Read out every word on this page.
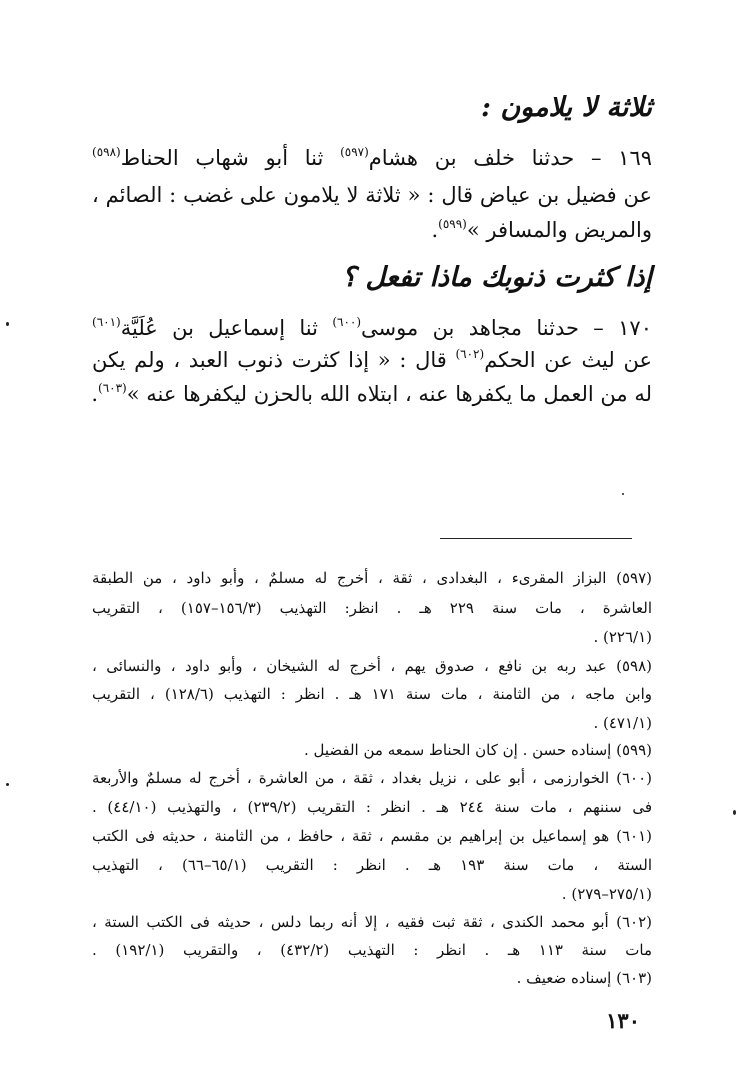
ثلاثة لا يلامون :
١٦٩ – حدثنا خلف بن هشام$^{(٥٩٧)}$ ثنا أبو شهاب الحناط$^{(٥٩٨)}$
عن فضيل بن عياض قال : « ثلاثة لا يلامون على غضب : الصائم ،
والمريض والمسافر »$^{(٥٩٩)}$.
إذا كثرت ذنوبك ماذا تفعل ؟
١٧٠ – حدثنا مجاهد بن موسى$^{(٦٠٠)}$ ثنا إسماعيل بن عُلَيَّة$^{(٦٠١)}$
عن ليث عن الحكم$^{(٦٠٢)}$ قال : « إذا كثرت ذنوب العبد ، ولم يكن
له من العمل ما يكفرها عنه ، ابتلاه الله بالحزن ليكفرها عنه »$^{(٦٠٣)}$.
(٥٩٧) البزاز المقرىء ، البغدادى ، ثقة ، أخرج له مسلمٌ ، وأبو داود ، من الطبقة
العاشرة ، مات سنة ٢٢٩ هـ . انظر: التهذيب (١٥٦/٣–١٥٧) ، التقريب
(٢٢٦/١) .
(٥٩٨) عبد ربه بن نافع ، صدوق يهم ، أخرج له الشيخان ، وأبو داود ، والنسائى ،
وابن ماجه ، من الثامنة ، مات سنة ١٧١ هـ . انظر : التهذيب (١٢٨/٦) ، التقريب
(٤٧١/١) .
(٥٩٩) إسناده حسن . إن كان الحناط سمعه من الفضيل .
(٦٠٠) الخوارزمى ، أبو على ، نزيل بغداد ، ثقة ، من العاشرة ، أخرج له مسلمٌ والأربعة
فى سننهم ، مات سنة ٢٤٤ هـ . انظر : التقريب (٢٣٩/٢) ، والتهذيب (٤٤/١٠) .
(٦٠١) هو إسماعيل بن إبراهيم بن مقسم ، ثقة ، حافظ ، من الثامنة ، حديثه فى الكتب
الستة ، مات سنة ١٩٣ هـ . انظر : التقريب (٦٥/١–٦٦) ، التهذيب
(٢٧٥/١–٢٧٩) .
(٦٠٢) أبو محمد الكندى ، ثقة ثبت فقيه ، إلا أنه ربما دلس ، حديثه فى الكتب الستة ،
مات سنة ١١٣ هـ . انظر : التهذيب (٤٣٢/٢) ، والتقريب (١٩٢/١) .
(٦٠٣) إسناده ضعيف .
١٣٠
